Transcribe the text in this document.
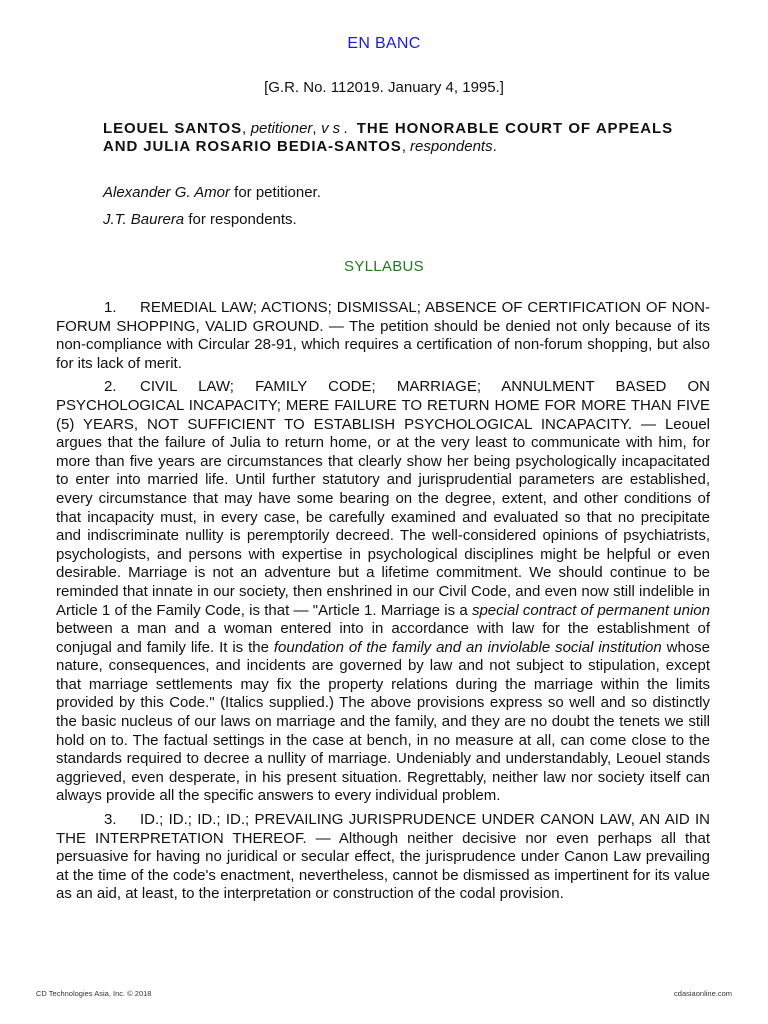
EN BANC
[G.R. No. 112019. January 4, 1995.]
LEOUEL SANTOS, petitioner, vs. THE HONORABLE COURT OF APPEALS AND JULIA ROSARIO BEDIA-SANTOS, respondents.
Alexander G. Amor for petitioner.
J.T. Baurera for respondents.
SYLLABUS

1. REMEDIAL LAW; ACTIONS; DISMISSAL; ABSENCE OF CERTIFICATION OF NON-FORUM SHOPPING, VALID GROUND. — The petition should be denied not only because of its non-compliance with Circular 28-91, which requires a certification of non-forum shopping, but also for its lack of merit.

2. CIVIL LAW; FAMILY CODE; MARRIAGE; ANNULMENT BASED ON PSYCHOLOGICAL INCAPACITY; MERE FAILURE TO RETURN HOME FOR MORE THAN FIVE (5) YEARS, NOT SUFFICIENT TO ESTABLISH PSYCHOLOGICAL INCAPACITY. — Leouel argues that the failure of Julia to return home, or at the very least to communicate with him, for more than five years are circumstances that clearly show her being psychologically incapacitated to enter into married life. Until further statutory and jurisprudential parameters are established, every circumstance that may have some bearing on the degree, extent, and other conditions of that incapacity must, in every case, be carefully examined and evaluated so that no precipitate and indiscriminate nullity is peremptorily decreed. The well-considered opinions of psychiatrists, psychologists, and persons with expertise in psychological disciplines might be helpful or even desirable. Marriage is not an adventure but a lifetime commitment. We should continue to be reminded that innate in our society, then enshrined in our Civil Code, and even now still indelible in Article 1 of the Family Code, is that — "Article 1. Marriage is a special contract of permanent union between a man and a woman entered into in accordance with law for the establishment of conjugal and family life. It is the foundation of the family and an inviolable social institution whose nature, consequences, and incidents are governed by law and not subject to stipulation, except that marriage settlements may fix the property relations during the marriage within the limits provided by this Code." (Italics supplied.) The above provisions express so well and so distinctly the basic nucleus of our laws on marriage and the family, and they are no doubt the tenets we still hold on to. The factual settings in the case at bench, in no measure at all, can come close to the standards required to decree a nullity of marriage. Undeniably and understandably, Leouel stands aggrieved, even desperate, in his present situation. Regrettably, neither law nor society itself can always provide all the specific answers to every individual problem.

3. ID.; ID.; ID.; ID.; PREVAILING JURISPRUDENCE UNDER CANON LAW, AN AID IN THE INTERPRETATION THEREOF. — Although neither decisive nor even perhaps all that persuasive for having no juridical or secular effect, the jurisprudence under Canon Law prevailing at the time of the code's enactment, nevertheless, cannot be dismissed as impertinent for its value as an aid, at least, to the interpretation or construction of the codal provision.

CD Technologies Asia, Inc. © 2018	cdasiaonline.com
